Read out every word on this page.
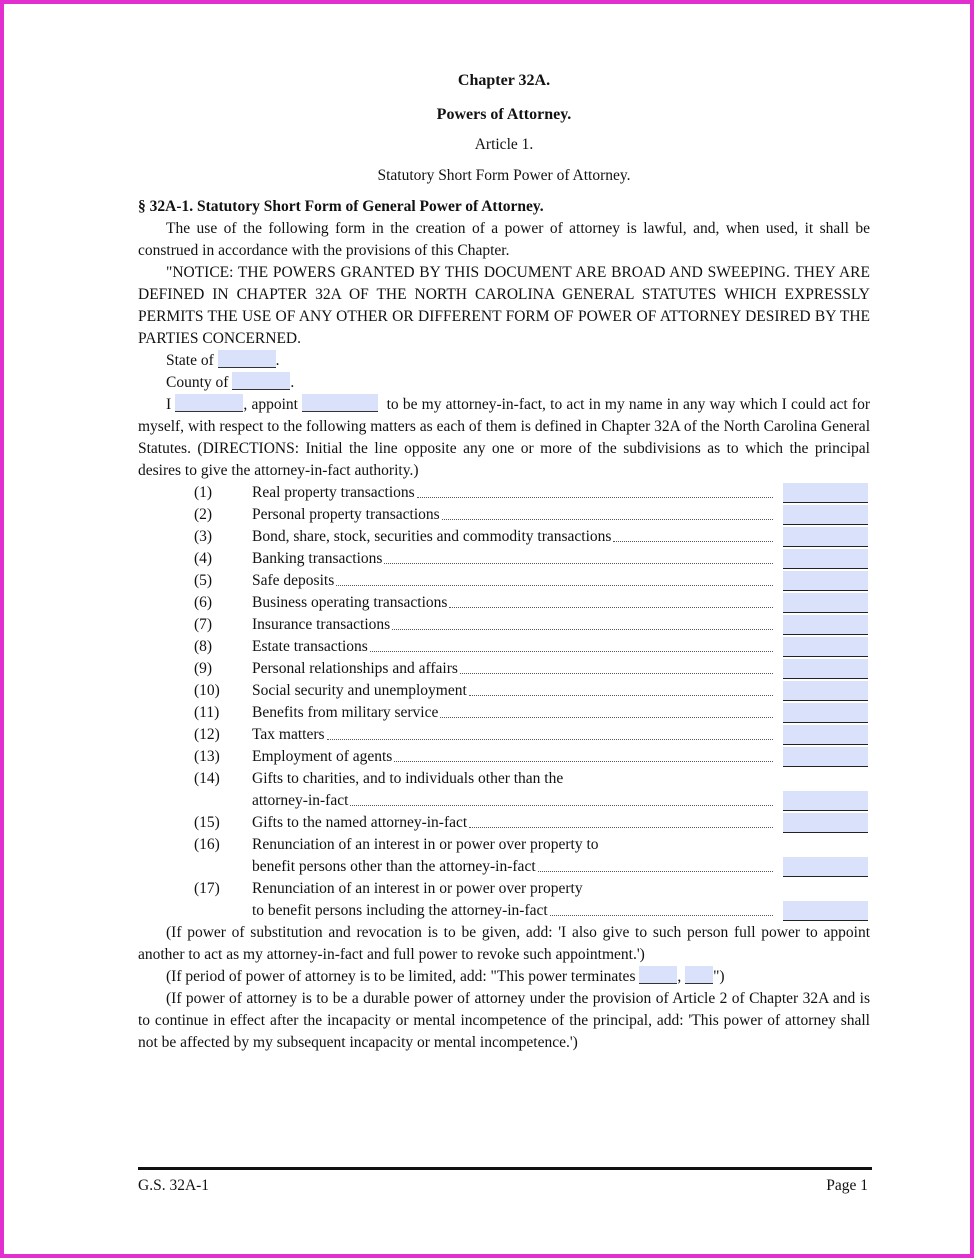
Chapter 32A.
Powers of Attorney.
Article 1.
Statutory Short Form Power of Attorney.
§ 32A-1. Statutory Short Form of General Power of Attorney.
The use of the following form in the creation of a power of attorney is lawful, and, when used, it shall be construed in accordance with the provisions of this Chapter.
"NOTICE: THE POWERS GRANTED BY THIS DOCUMENT ARE BROAD AND SWEEPING. THEY ARE DEFINED IN CHAPTER 32A OF THE NORTH CAROLINA GENERAL STATUTES WHICH EXPRESSLY PERMITS THE USE OF ANY OTHER OR DIFFERENT FORM OF POWER OF ATTORNEY DESIRED BY THE PARTIES CONCERNED.
State of	.
County of	.
I	, appoint	to be my attorney-in-fact, to act in my name in any way which I could act for myself, with respect to the following matters as each of them is defined in Chapter 32A of the North Carolina General Statutes. (DIRECTIONS: Initial the line opposite any one or more of the subdivisions as to which the principal desires to give the attorney-in-fact authority.)
(1)	Real property transactions
(2)	Personal property transactions
(3)	Bond, share, stock, securities and commodity transactions
(4)	Banking transactions
(5)	Safe deposits
(6)	Business operating transactions
(7)	Insurance transactions
(8)	Estate transactions
(9)	Personal relationships and affairs
(10)	Social security and unemployment
(11)	Benefits from military service
(12)	Tax matters
(13)	Employment of agents
(14)	Gifts to charities, and to individuals other than the
attorney-in-fact
(15)	Gifts to the named attorney-in-fact
(16)	Renunciation of an interest in or power over property to
benefit persons other than the attorney-in-fact
(17)	Renunciation of an interest in or power over property
to benefit persons including the attorney-in-fact
(If power of substitution and revocation is to be given, add: 'I also give to such person full power to appoint another to act as my attorney-in-fact and full power to revoke such appointment.')
(If period of power of attorney is to be limited, add: "This power terminates	, ")
(If power of attorney is to be a durable power of attorney under the provision of Article 2 of Chapter 32A and is to continue in effect after the incapacity or mental incompetence of the principal, add: 'This power of attorney shall not be affected by my subsequent incapacity or mental incompetence.')
G.S. 32A-1	Page 1
